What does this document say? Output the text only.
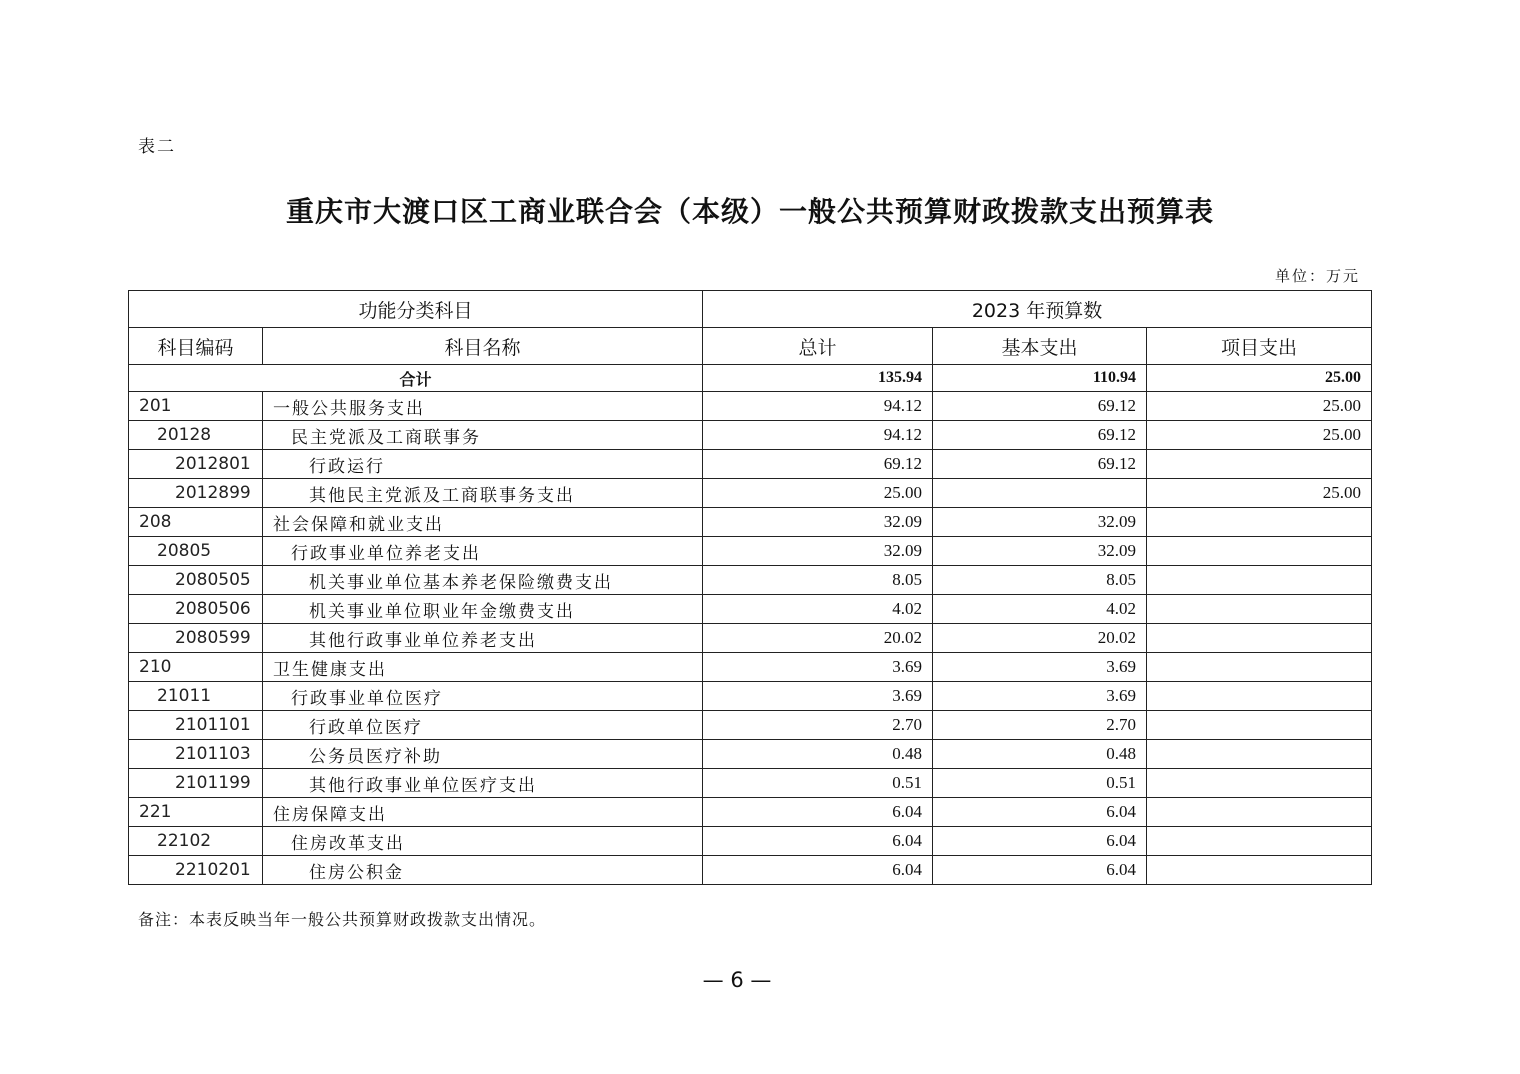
表二
重庆市大渡口区工商业联合会（本级）一般公共预算财政拨款支出预算表
单位：万元
功能分类科目		2023 年预算数		
科目编码	科目名称	总计	基本支出	项目支出
合计		135.94	110.94	25.00
201	一般公共服务支出	94.12	69.12	25.00
20128	民主党派及工商联事务	94.12	69.12	25.00
2012801	行政运行	69.12	69.12	
2012899	其他民主党派及工商联事务支出	25.00		25.00
208	社会保障和就业支出	32.09	32.09	
20805	行政事业单位养老支出	32.09	32.09	
2080505	机关事业单位基本养老保险缴费支出	8.05	8.05	
2080506	机关事业单位职业年金缴费支出	4.02	4.02	
2080599	其他行政事业单位养老支出	20.02	20.02	
210	卫生健康支出	3.69	3.69	
21011	行政事业单位医疗	3.69	3.69	
2101101	行政单位医疗	2.70	2.70	
2101103	公务员医疗补助	0.48	0.48	
2101199	其他行政事业单位医疗支出	0.51	0.51	
221	住房保障支出	6.04	6.04	
22102	住房改革支出	6.04	6.04	
2210201	住房公积金	6.04	6.04	
备注：本表反映当年一般公共预算财政拨款支出情况。
— 6 —
